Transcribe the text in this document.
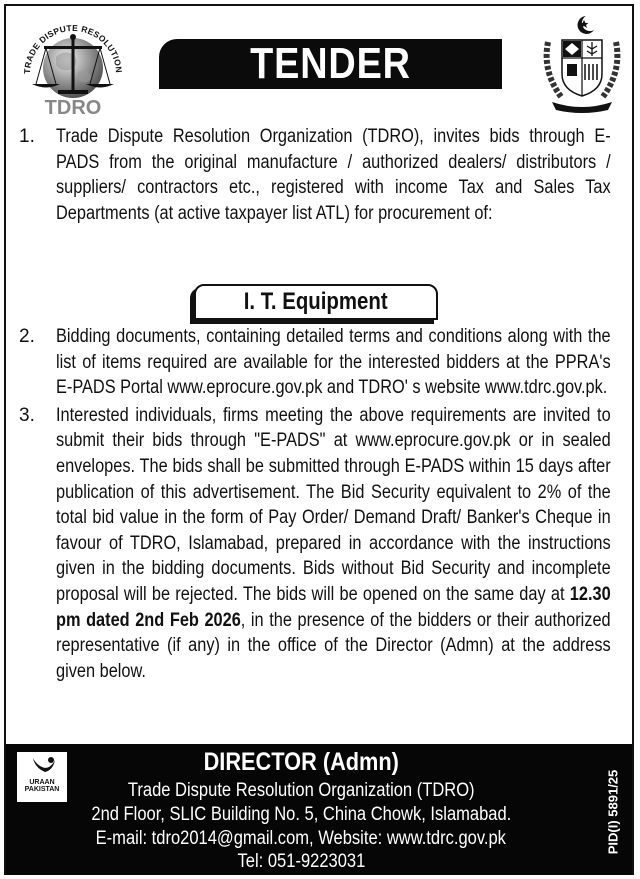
TRADE DISPUTE RESOLUTION
TDRO
TENDER NOTICE
1. Trade Dispute Resolution Organization (TDRO), invites bids through E-PADS from the original manufacture / authorized dealers/ distributors / suppliers/ contractors etc., registered with income Tax and Sales Tax Departments (at active taxpayer list ATL) for procurement of:
I. T. Equipment
2. Bidding documents, containing detailed terms and conditions along with the list of items required are available for the interested bidders at the PPRA's E-PADS Portal www.eprocure.gov.pk and TDRO' s website www.tdrc.gov.pk.
3. Interested individuals, firms meeting the above requirements are invited to submit their bids through "E-PADS" at www.eprocure.gov.pk or in sealed envelopes. The bids shall be submitted through E-PADS within 15 days after publication of this advertisement. The Bid Security equivalent to 2% of the total bid value in the form of Pay Order/ Demand Draft/ Banker's Cheque in favour of TDRO, Islamabad, prepared in accordance with the instructions given in the bidding documents. Bids without Bid Security and incomplete proposal will be rejected. The bids will be opened on the same day at 12.30 pm dated 2nd Feb 2026, in the presence of the bidders or their authorized representative (if any) in the office of the Director (Admn) at the address given below.
URAAN
PAKISTAN
DIRECTOR (Admn)
Trade Dispute Resolution Organization (TDRO)
2nd Floor, SLIC Building No. 5, China Chowk, Islamabad.
E-mail: tdro2014@gmail.com, Website: www.tdrc.gov.pk
Tel: 051-9223031
PID(I) 5891/25
